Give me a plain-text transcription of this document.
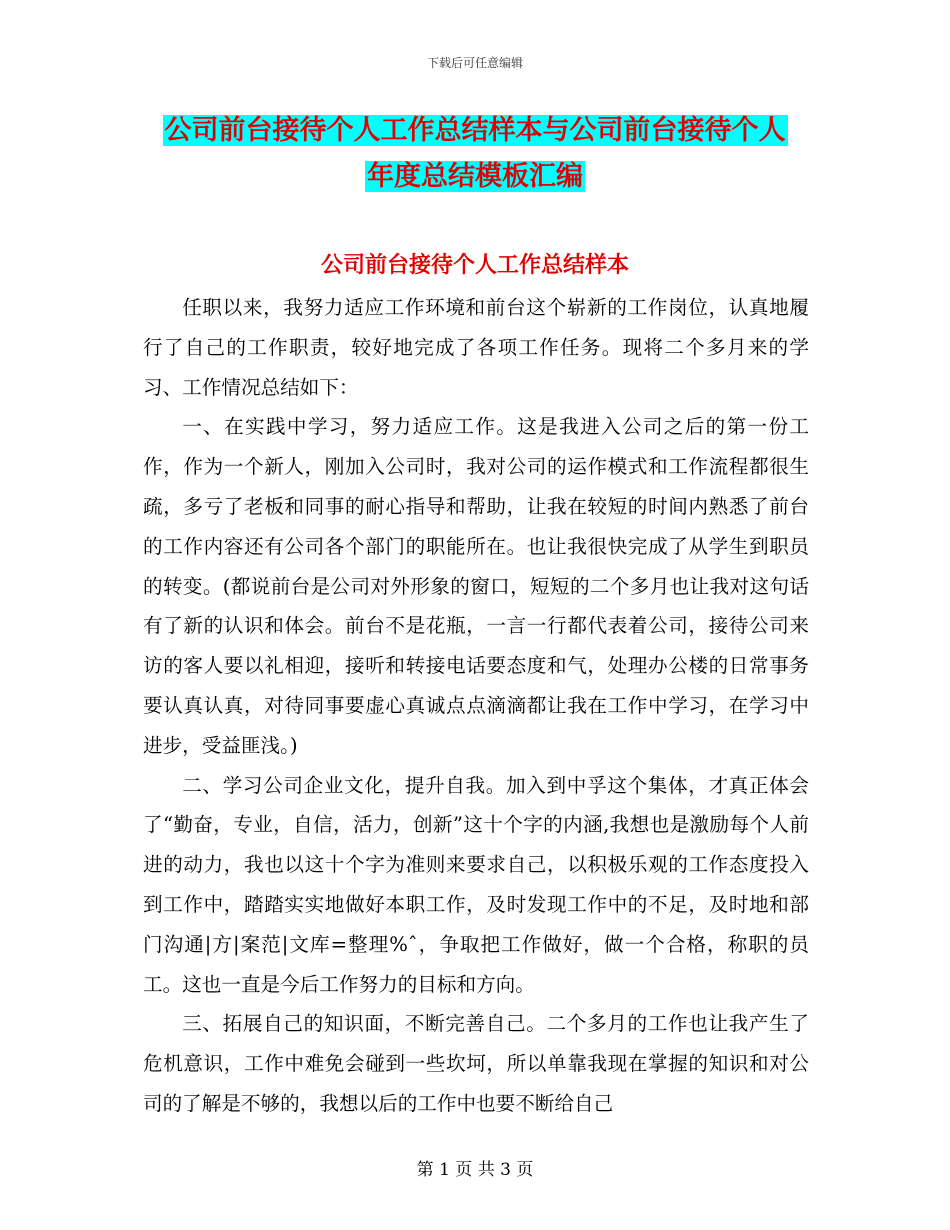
下载后可任意编辑
公司前台接待个人工作总结样本与公司前台接待个人
年度总结模板汇编
公司前台接待个人工作总结样本

任职以来，我努力适应工作环境和前台这个崭新的工作岗位，认真地履行了自己的工作职责，较好地完成了各项工作任务。现将二个多月来的学习、工作情况总结如下：

一、在实践中学习，努力适应工作。这是我进入公司之后的第一份工作，作为一个新人，刚加入公司时，我对公司的运作模式和工作流程都很生疏，多亏了老板和同事的耐心指导和帮助，让我在较短的时间内熟悉了前台的工作内容还有公司各个部门的职能所在。也让我很快完成了从学生到职员的转变。(都说前台是公司对外形象的窗口，短短的二个多月也让我对这句话有了新的认识和体会。前台不是花瓶，一言一行都代表着公司，接待公司来访的客人要以礼相迎，接听和转接电话要态度和气，处理办公楼的日常事务要认真认真，对待同事要虚心真诚点点滴滴都让我在工作中学习，在学习中进步，受益匪浅。)

二、学习公司企业文化，提升自我。加入到中孚这个集体，才真正体会了“勤奋，专业，自信，活力，创新”这十个字的内涵,我想也是激励每个人前进的动力，我也以这十个字为准则来要求自己，以积极乐观的工作态度投入到工作中，踏踏实实地做好本职工作，及时发现工作中的不足，及时地和部门沟通|方|案范|文库=整理%ˆ，争取把工作做好，做一个合格，称职的员工。这也一直是今后工作努力的目标和方向。

三、拓展自己的知识面，不断完善自己。二个多月的工作也让我产生了危机意识，工作中难免会碰到一些坎坷，所以单靠我现在掌握的知识和对公司的了解是不够的，我想以后的工作中也要不断给自己

第 1 页 共 3 页
